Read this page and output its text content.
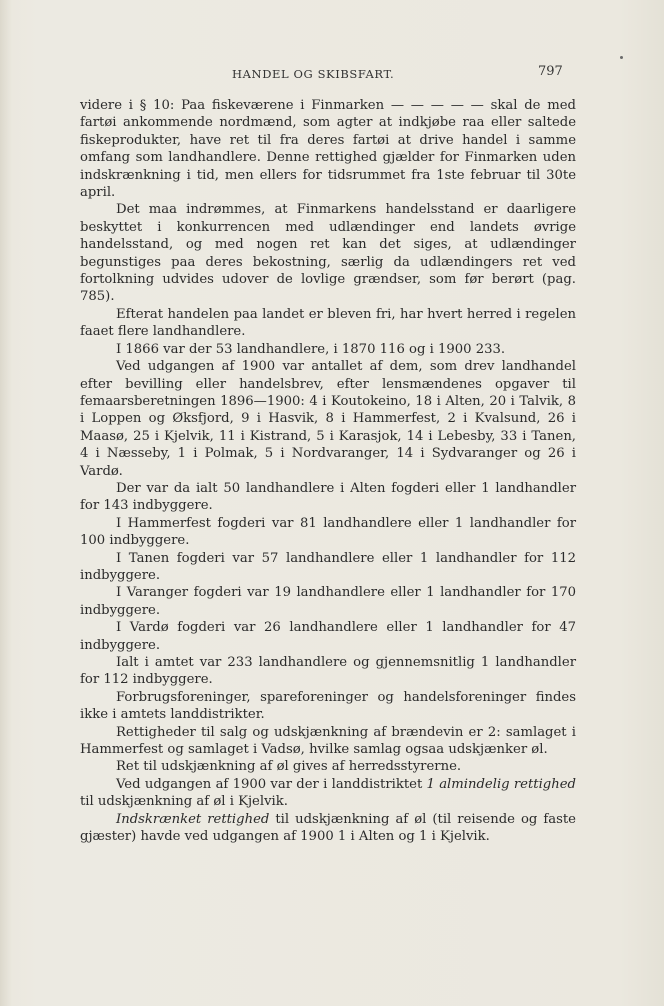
HANDEL OG SKIBSFART.	797

videre i § 10: Paa fiskeværene i Finmarken — — — — — skal de med fartøi ankommende nordmænd, som agter at indkjøbe raa eller saltede fiskeprodukter, have ret til fra deres fartøi at drive handel i samme omfang som landhandlere. Denne rettighed gjælder for Finmarken uden indskrænkning i tid, men ellers for tidsrummet fra 1ste februar til 30te april.

Det maa indrømmes, at Finmarkens handelsstand er daarligere beskyttet i konkurrencen med udlændinger end landets øvrige handelsstand, og med nogen ret kan det siges, at udlændinger begunstiges paa deres bekostning, særlig da udlændingers ret ved fortolkning udvides udover de lovlige grændser, som før berørt (pag. 785).

Efterat handelen paa landet er bleven fri, har hvert herred i regelen faaet flere landhandlere.

I 1866 var der 53 landhandlere, i 1870 116 og i 1900 233.

Ved udgangen af 1900 var antallet af dem, som drev landhandel efter bevilling eller handelsbrev, efter lensmændenes opgaver til femaarsberetningen 1896—1900: 4 i Koutokeino, 18 i Alten, 20 i Talvik, 8 i Loppen og Øksfjord, 9 i Hasvik, 8 i Hammerfest, 2 i Kvalsund, 26 i Maasø, 25 i Kjelvik, 11 i Kistrand, 5 i Karasjok, 14 i Lebesby, 33 i Tanen, 4 i Næsseby, 1 i Polmak, 5 i Nordvaranger, 14 i Sydvaranger og 26 i Vardø.

Der var da ialt 50 landhandlere i Alten fogderi eller 1 landhandler for 143 indbyggere.

I Hammerfest fogderi var 81 landhandlere eller 1 landhandler for 100 indbyggere.

I Tanen fogderi var 57 landhandlere eller 1 landhandler for 112 indbyggere.

I Varanger fogderi var 19 landhandlere eller 1 landhandler for 170 indbyggere.

I Vardø fogderi var 26 landhandlere eller 1 landhandler for 47 indbyggere.

Ialt i amtet var 233 landhandlere og gjennemsnitlig 1 landhandler for 112 indbyggere.

Forbrugsforeninger, spareforeninger og handelsforeninger findes ikke i amtets landdistrikter.

Rettigheder til salg og udskjænkning af brændevin er 2: samlaget i Hammerfest og samlaget i Vadsø, hvilke samlag ogsaa udskjænker øl.

Ret til udskjænkning af øl gives af herredsstyrerne.

Ved udgangen af 1900 var der i landdistriktet 1 almindelig rettighed til udskjænkning af øl i Kjelvik.

Indskrænket rettighed til udskjænkning af øl (til reisende og faste gjæster) havde ved udgangen af 1900 1 i Alten og 1 i Kjelvik.
